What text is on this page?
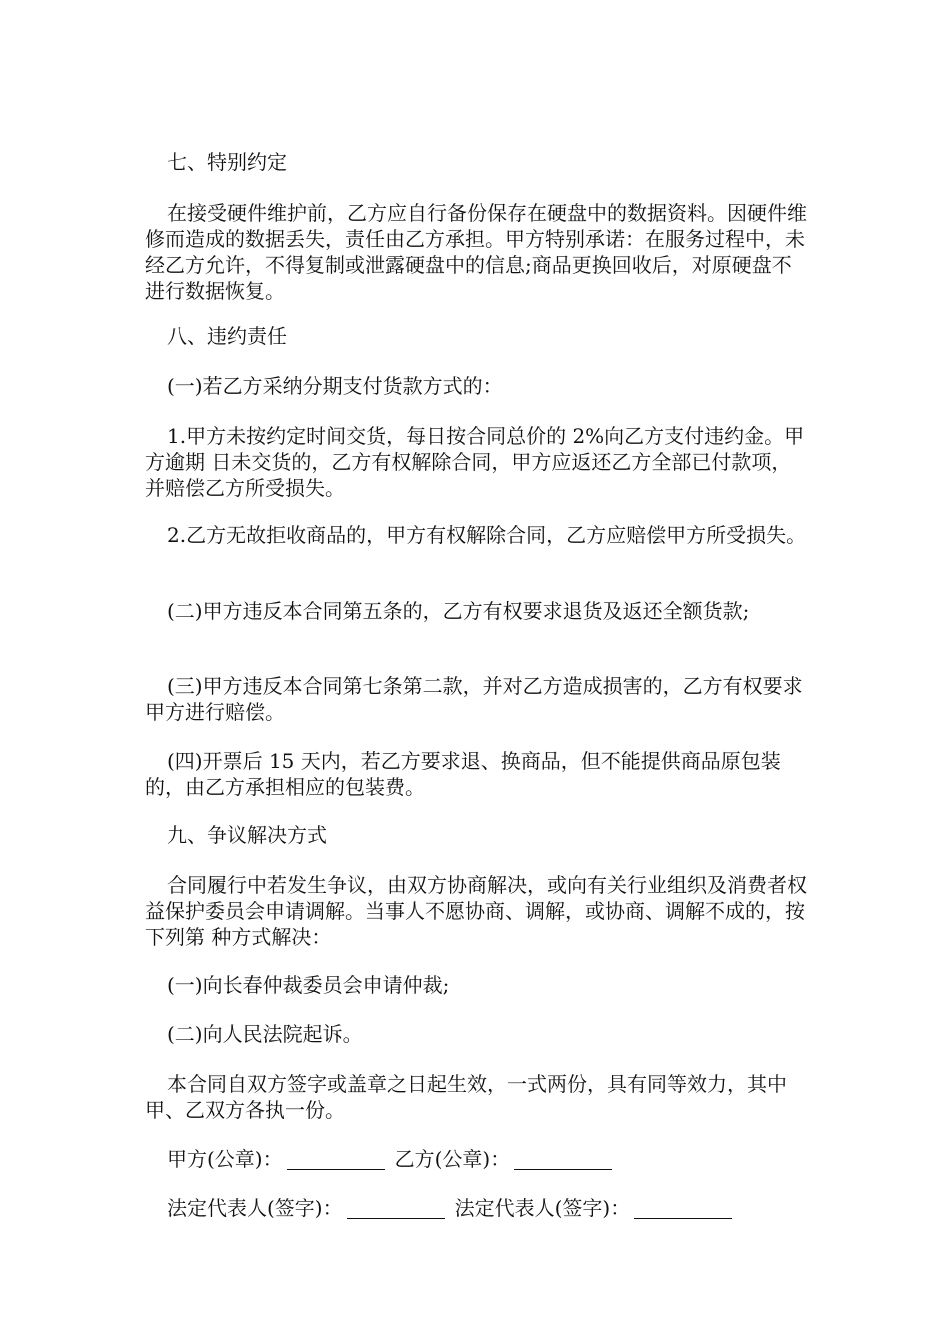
七、特别约定

在接受硬件维护前，乙方应自行备份保存在硬盘中的数据资料。因硬件维修而造成的数据丢失，责任由乙方承担。甲方特别承诺：在服务过程中，未经乙方允许，不得复制或泄露硬盘中的信息;商品更换回收后，对原硬盘不进行数据恢复。

八、违约责任

(一)若乙方采纳分期支付货款方式的：

1.甲方未按约定时间交货，每日按合同总价的 2%向乙方支付违约金。甲方逾期 日未交货的，乙方有权解除合同，甲方应返还乙方全部已付款项，并赔偿乙方所受损失。

2.乙方无故拒收商品的，甲方有权解除合同，乙方应赔偿甲方所受损失。

(二)甲方违反本合同第五条的，乙方有权要求退货及返还全额货款;

(三)甲方违反本合同第七条第二款，并对乙方造成损害的，乙方有权要求甲方进行赔偿。

(四)开票后 15 天内，若乙方要求退、换商品，但不能提供商品原包装的，由乙方承担相应的包装费。

九、争议解决方式

合同履行中若发生争议，由双方协商解决，或向有关行业组织及消费者权益保护委员会申请调解。当事人不愿协商、调解，或协商、调解不成的，按下列第 种方式解决：

(一)向长春仲裁委员会申请仲裁;

(二)向人民法院起诉。

本合同自双方签字或盖章之日起生效，一式两份，具有同等效力，其中甲、乙双方各执一份。

甲方(公章)：	乙方(公章)：
法定代表人(签字)：	法定代表人(签字)：
